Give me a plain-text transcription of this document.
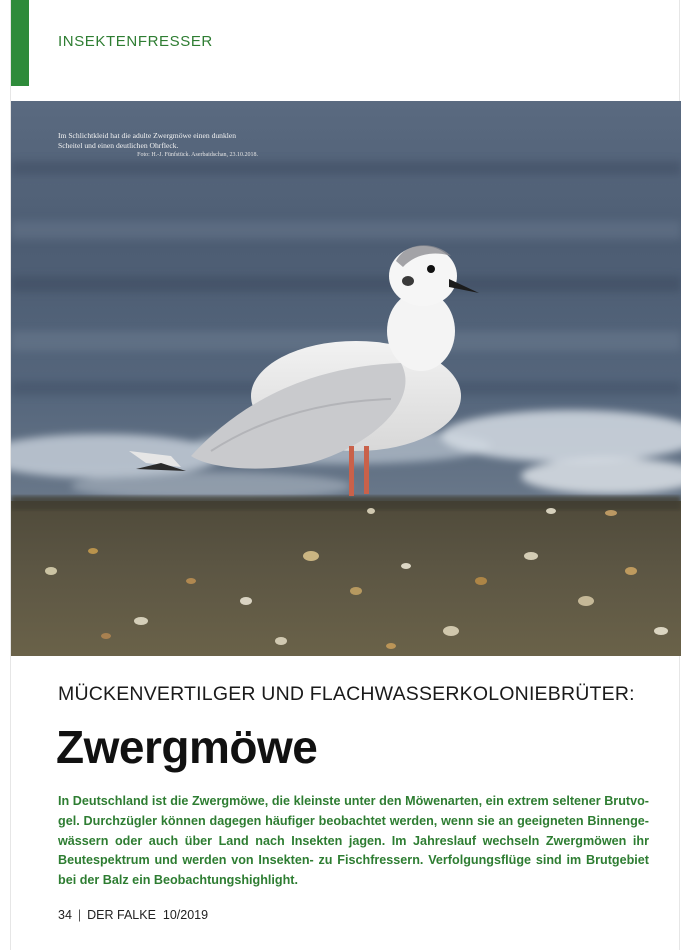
INSEKTENFRESSER
Im Schlichtkleid hat die adulte Zwergmöwe einen dunklen Scheitel und einen deutlichen Ohrfleck.
Foto: H.-J. Fünfstück. Aserbaidschan, 23.10.2018.
MÜCKENVERTILGER UND FLACHWASSERKOLONIEBRÜTER:
Zwergmöwe
In Deutschland ist die Zwergmöwe, die kleinste unter den Möwenarten, ein extrem seltener Brutvogel. Durchzügler können dagegen häufiger beobachtet werden, wenn sie an geeigneten Binnengewässern oder auch über Land nach Insekten jagen. Im Jahreslauf wechseln Zwergmöwen ihr Beutespektrum und werden von Insekten- zu Fischfressern. Verfolgungsflüge sind im Brutgebiet bei der Balz ein Beobachtungshighlight.
34 | DER FALKE 10/2019
